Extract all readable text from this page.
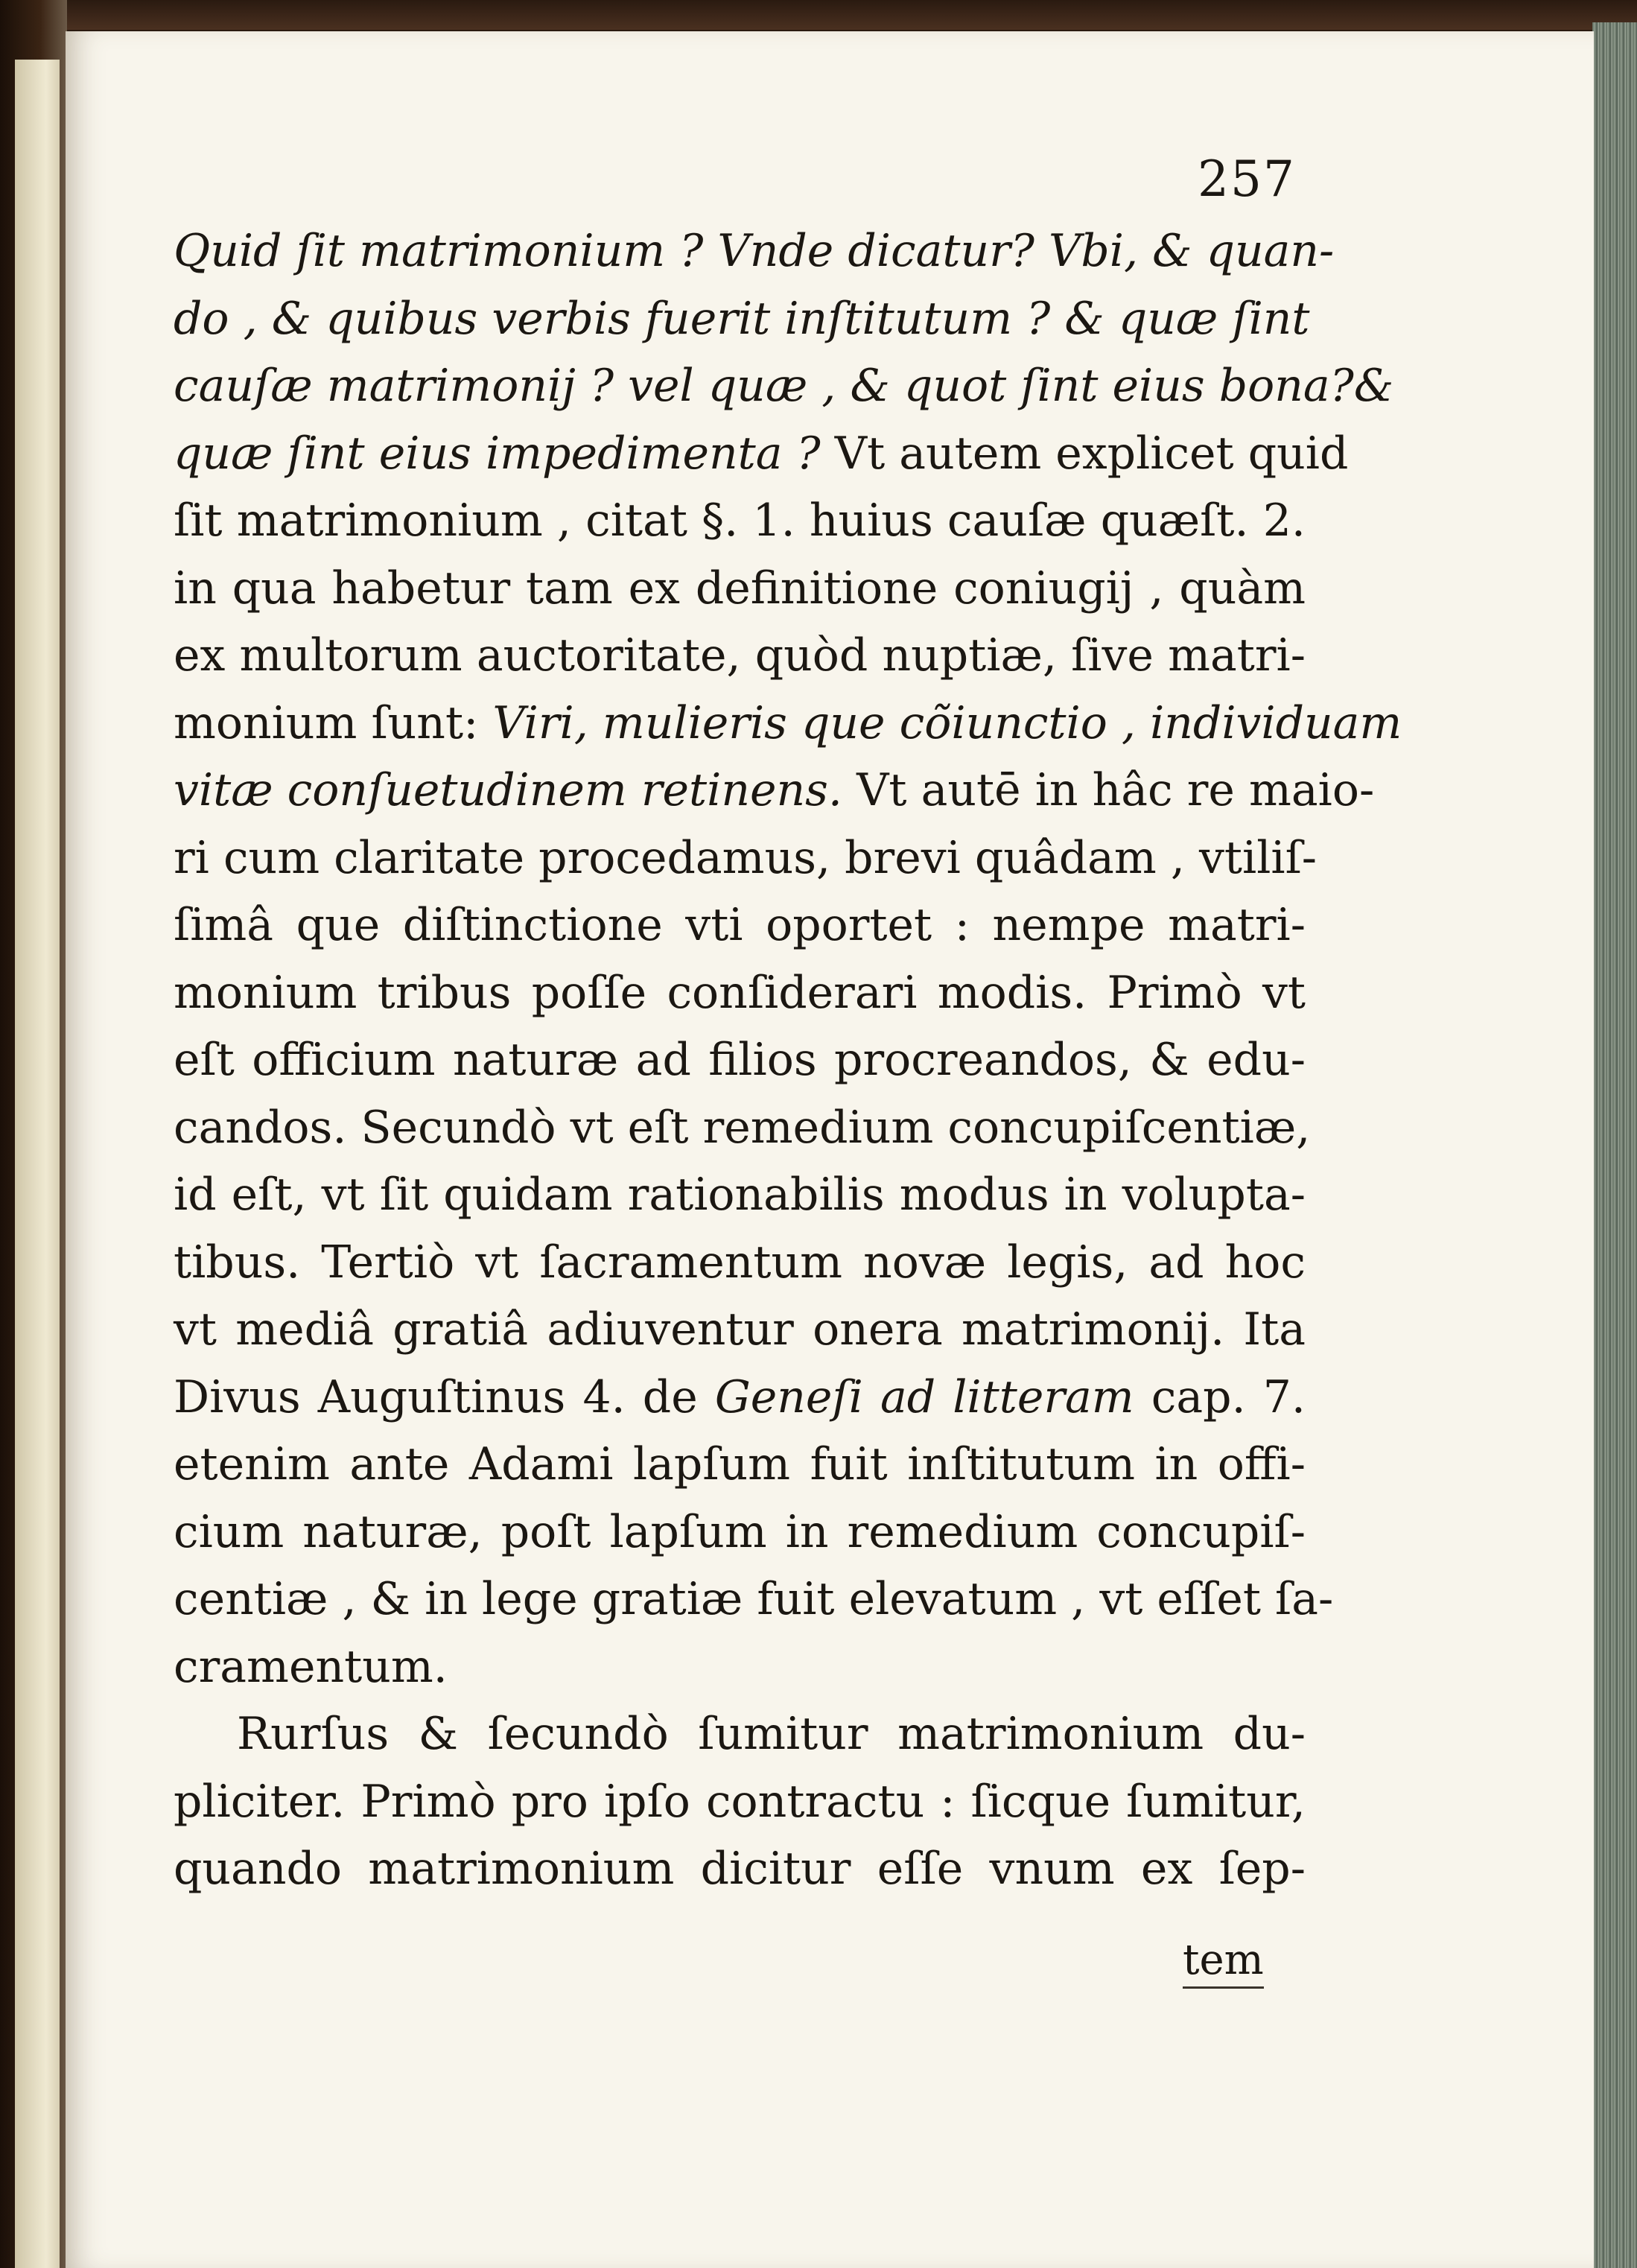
257
Quid ſit matrimonium ? Vnde dicatur? Vbi, & quan-
do , & quibus verbis fuerit inſtitutum ? & quæ ſint
cauſæ matrimonij ? vel quæ , & quot ſint eius bona?&
quæ ſint eius impedimenta ? Vt autem explicet quid
ſit matrimonium , citat §. 1. huius cauſæ quæſt. 2.
in qua habetur tam ex definitione coniugij , quàm
ex multorum auctoritate, quòd nuptiæ, ſive matri-
monium ſunt: Viri, mulieris que cõiunctio , individuam
vitæ conſuetudinem retinens. Vt autē in hâc re maio-
ri cum claritate procedamus, brevi quâdam , vtiliſ-
ſimâ que diſtinctione vti oportet : nempe matri-
monium tribus poſſe conſiderari modis. Primò vt
eſt officium naturæ ad filios procreandos, & edu-
candos. Secundò vt eſt remedium concupiſcentiæ,
id eſt, vt ſit quidam rationabilis modus in volupta-
tibus. Tertiò vt ſacramentum novæ legis, ad hoc
vt mediâ gratiâ adiuventur onera matrimonij. Ita
Divus Auguſtinus 4. de Geneſi ad litteram cap. 7.
etenim ante Adami lapſum fuit inſtitutum in offi-
cium naturæ, poſt lapſum in remedium concupiſ-
centiæ , & in lege gratiæ fuit elevatum , vt eſſet ſa-
cramentum.
Rurſus & ſecundò ſumitur matrimonium du-
pliciter. Primò pro ipſo contractu : ſicque ſumitur,
quando matrimonium dicitur eſſe vnum ex ſep-
tem
